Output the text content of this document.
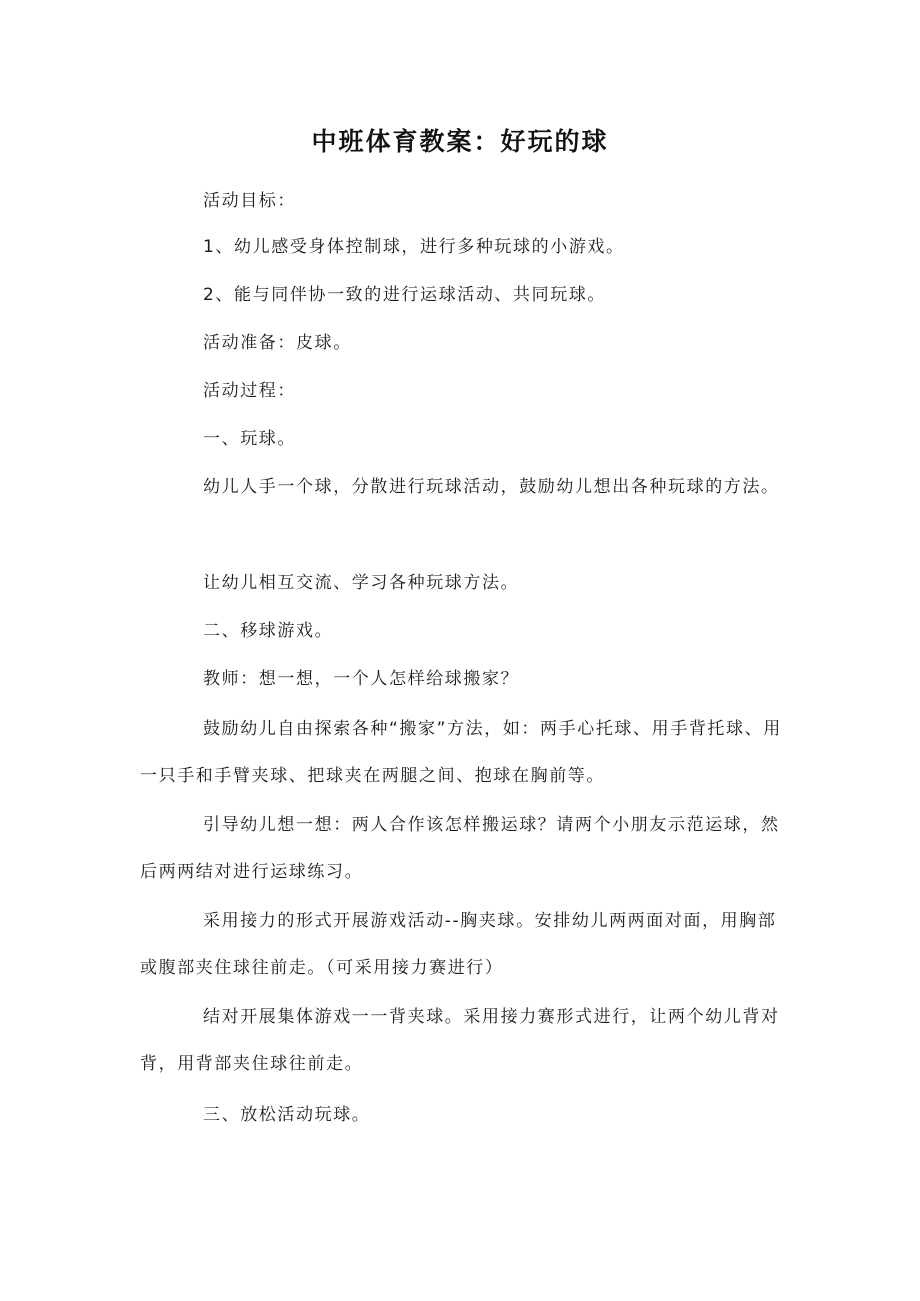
中班体育教案：好玩的球

活动目标：

1、幼儿感受身体控制球，进行多种玩球的小游戏。

2、能与同伴协一致的进行运球活动、共同玩球。

活动准备：皮球。

活动过程：

一、玩球。

幼儿人手一个球，分散进行玩球活动，鼓励幼儿想出各种玩球的方法。

让幼儿相互交流、学习各种玩球方法。

二、移球游戏。

教师：想一想，一个人怎样给球搬家？

鼓励幼儿自由探索各种“搬家”方法，如：两手心托球、用手背托球、用一只手和手臂夹球、把球夹在两腿之间、抱球在胸前等。

引导幼儿想一想：两人合作该怎样搬运球？请两个小朋友示范运球，然后两两结对进行运球练习。

采用接力的形式开展游戏活动--胸夹球。安排幼儿两两面对面，用胸部或腹部夹住球往前走。（可采用接力赛进行）

结对开展集体游戏一一背夹球。采用接力赛形式进行，让两个幼儿背对背，用背部夹住球往前走。

三、放松活动玩球。
